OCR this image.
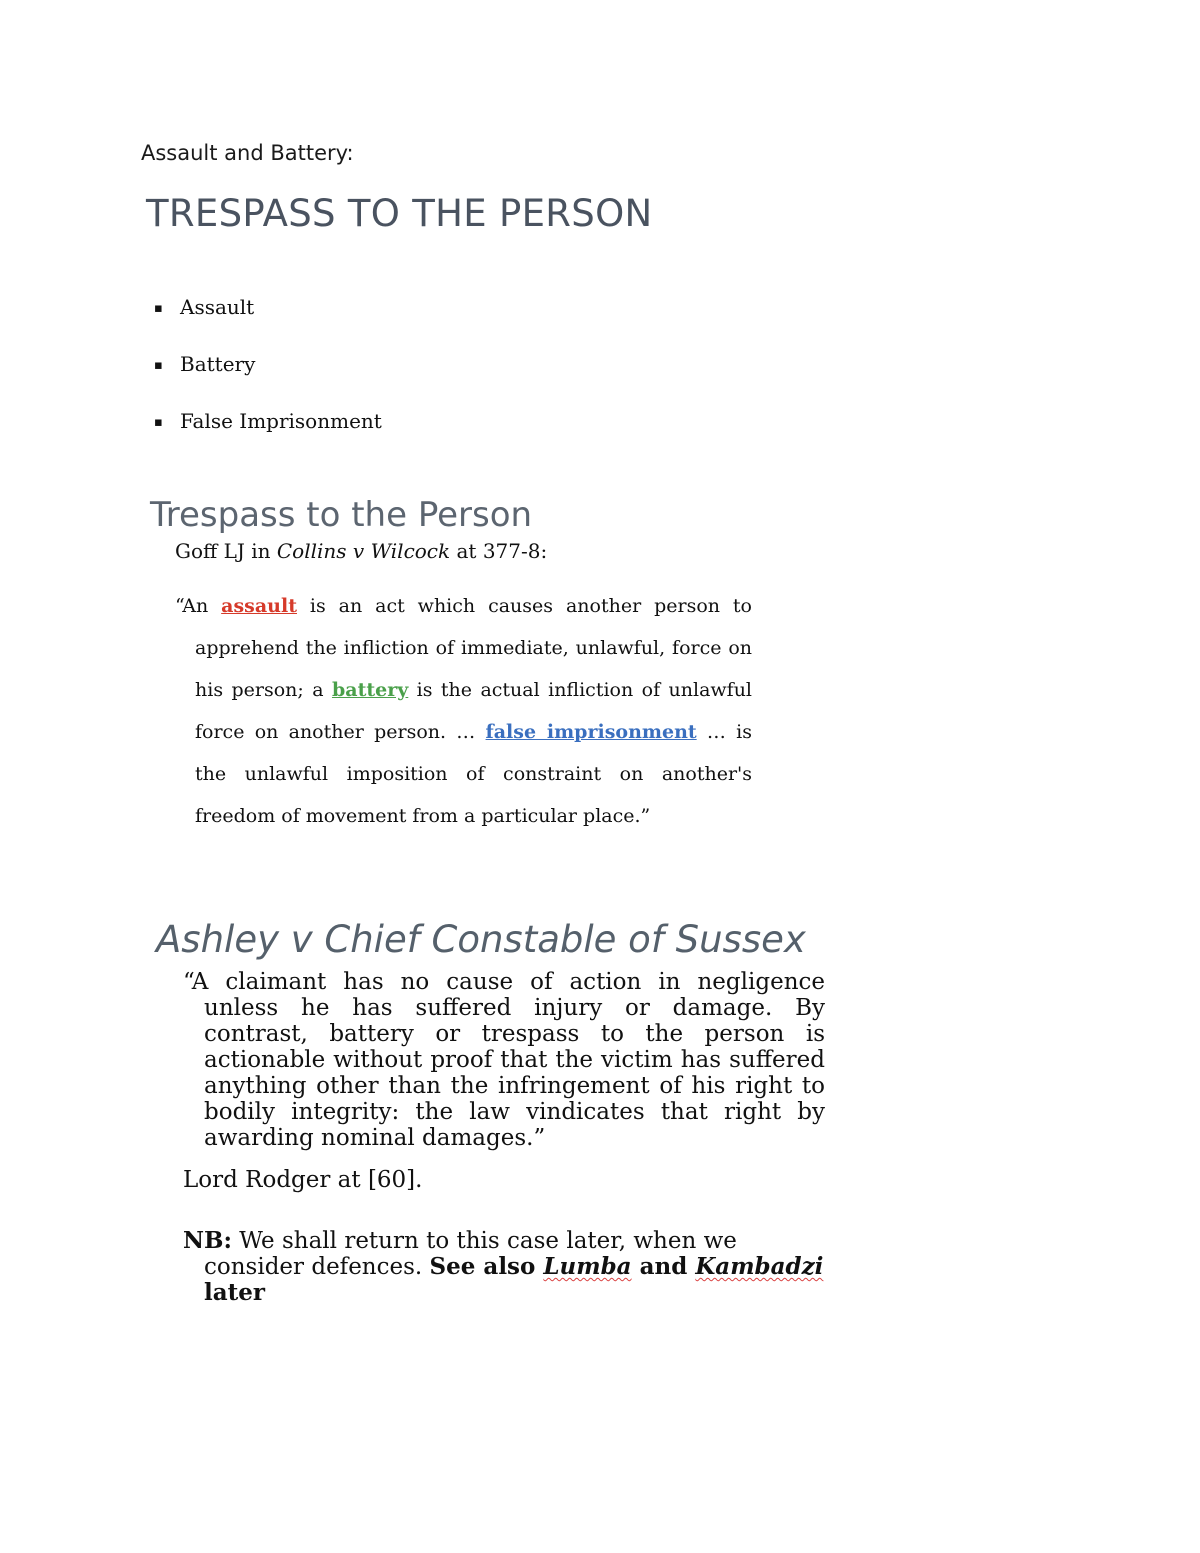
Assault and Battery:
TRESPASS TO THE PERSON
▪ Assault
▪ Battery
▪ False Imprisonment
Trespass to the Person
Goff LJ in Collins v Wilcock at 377-8:
“An assault is an act which causes another person to apprehend the infliction of immediate, unlawful, force on his person; a battery is the actual infliction of unlawful force on another person. … false imprisonment … is the unlawful imposition of constraint on another's freedom of movement from a particular place.”
Ashley v Chief Constable of Sussex
“A claimant has no cause of action in negligence unless he has suffered injury or damage. By contrast, battery or trespass to the person is actionable without proof that the victim has suffered anything other than the infringement of his right to bodily integrity: the law vindicates that right by awarding nominal damages.”
Lord Rodger at [60].
NB: We shall return to this case later, when we consider defences. See also Lumba and Kambadzi later
